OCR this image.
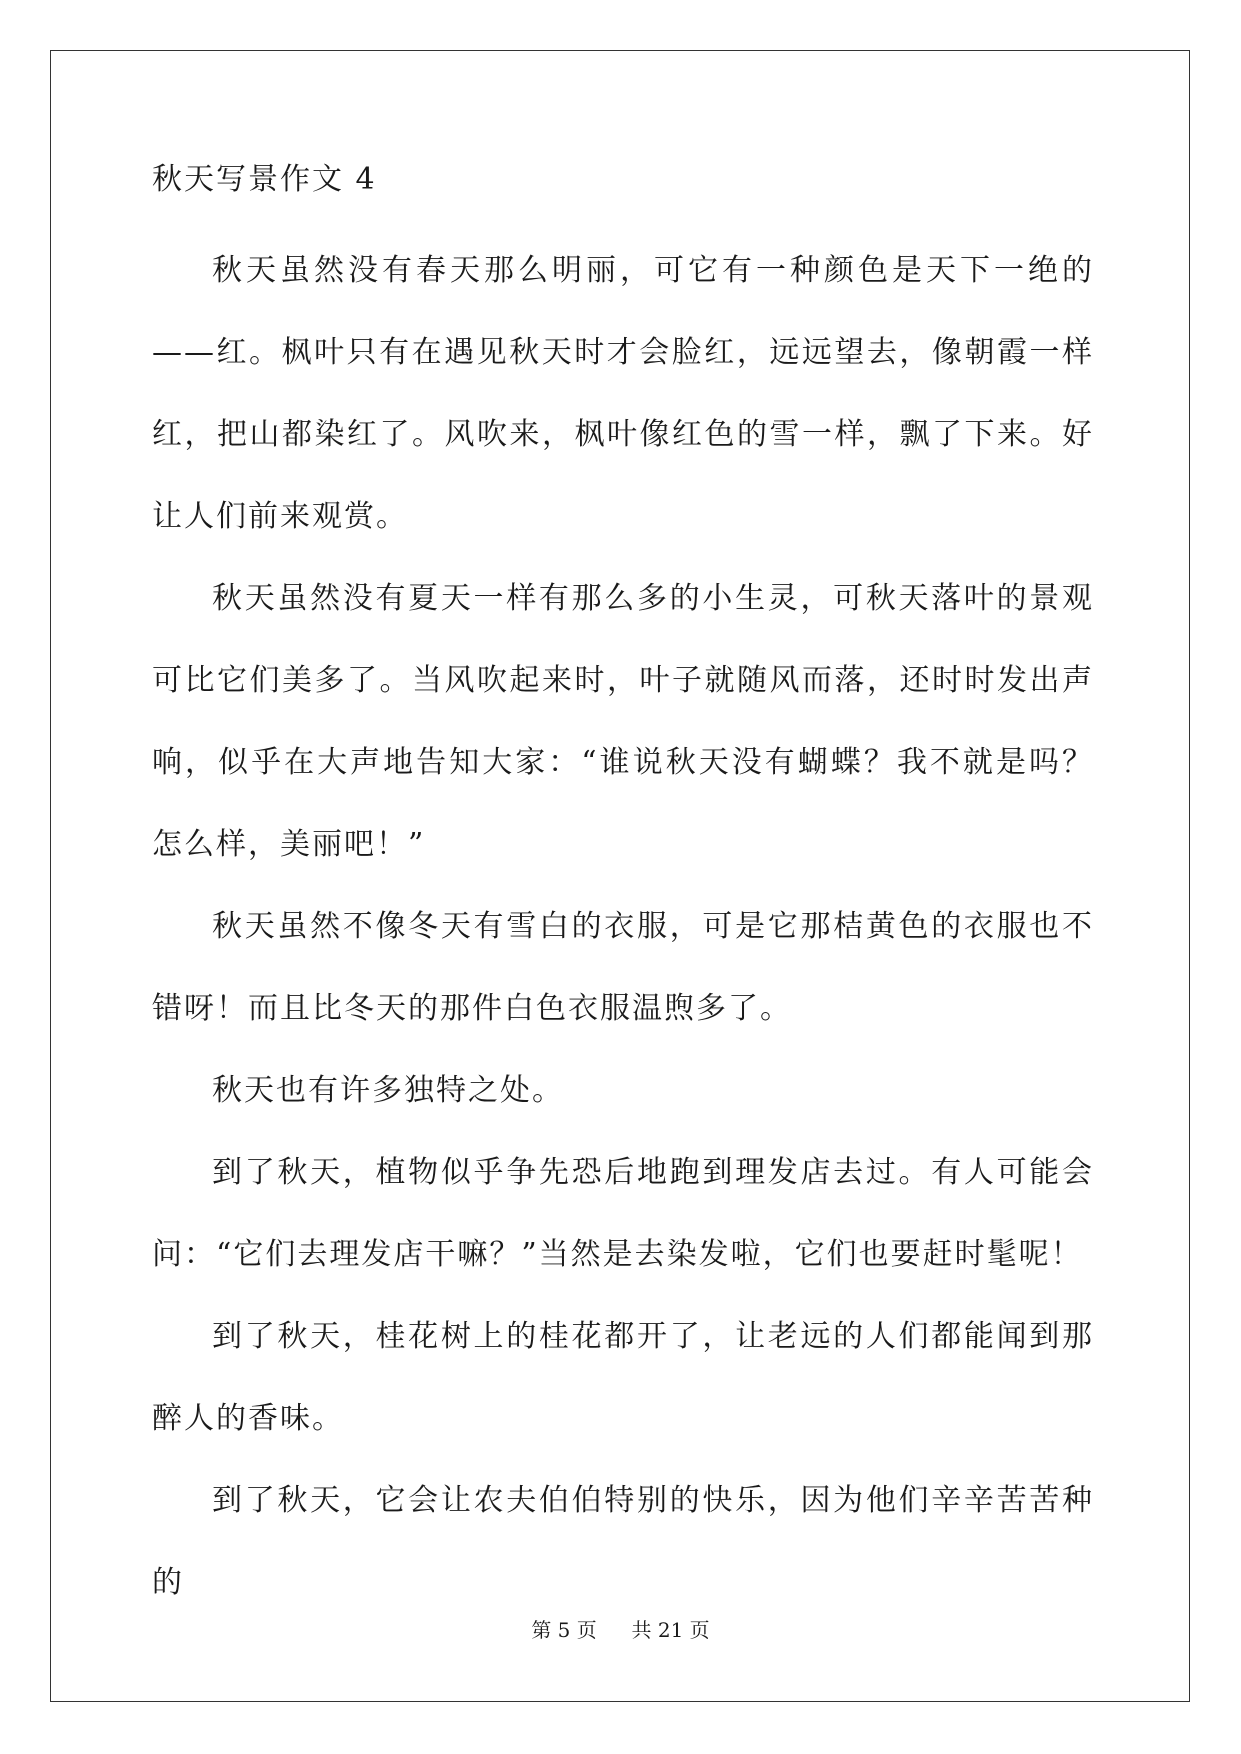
秋天写景作文 4

秋天虽然没有春天那么明丽，可它有一种颜色是天下一绝的——红。枫叶只有在遇见秋天时才会脸红，远远望去，像朝霞一样红，把山都染红了。风吹来，枫叶像红色的雪一样，飘了下来。好让人们前来观赏。

秋天虽然没有夏天一样有那么多的小生灵，可秋天落叶的景观可比它们美多了。当风吹起来时，叶子就随风而落，还时时发出声响，似乎在大声地告知大家：“谁说秋天没有蝴蝶？我不就是吗？怎么样，美丽吧！”

秋天虽然不像冬天有雪白的衣服，可是它那桔黄色的衣服也不错呀！而且比冬天的那件白色衣服温煦多了。

秋天也有许多独特之处。

到了秋天，植物似乎争先恐后地跑到理发店去过。有人可能会问：“它们去理发店干嘛？”当然是去染发啦，它们也要赶时髦呢！

到了秋天，桂花树上的桂花都开了，让老远的人们都能闻到那醉人的香味。

到了秋天，它会让农夫伯伯特别的快乐，因为他们辛辛苦苦种的

第 5 页 共 21 页
